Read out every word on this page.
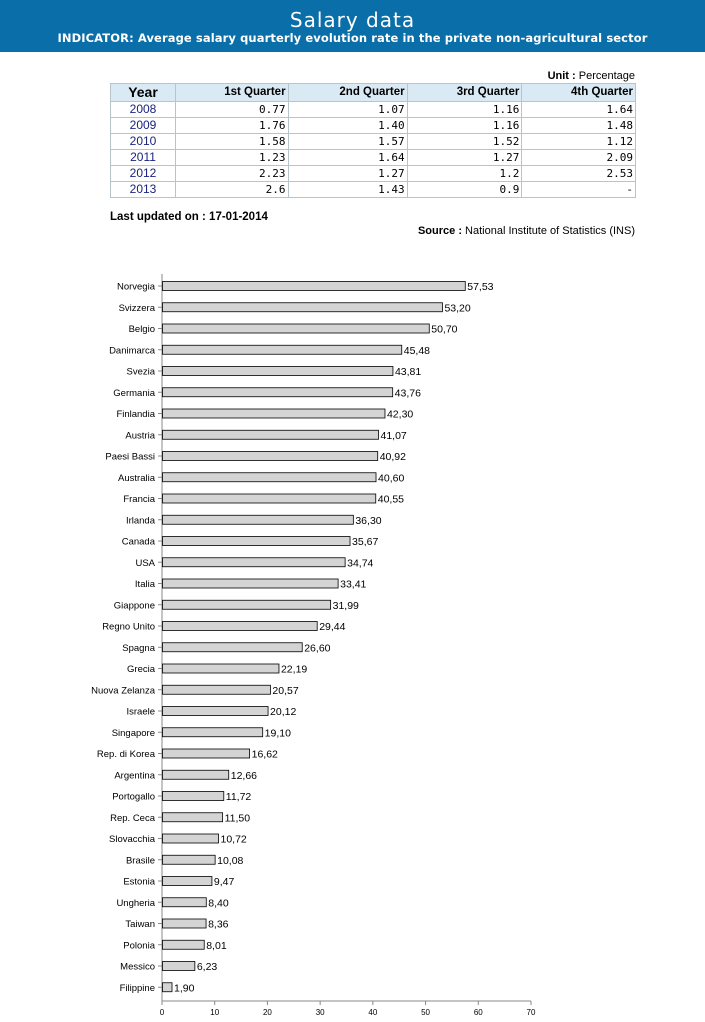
Salary data
INDICATOR: Average salary quarterly evolution rate in the private non-agricultural sector
Unit : Percentage
Year	1st Quarter	2nd Quarter	3rd Quarter	4th Quarter
2008	0.77	1.07	1.16	1.64
2009	1.76	1.40	1.16	1.48
2010	1.58	1.57	1.52	1.12
2011	1.23	1.64	1.27	2.09
2012	2.23	1.27	1.2	2.53
2013	2.6	1.43	0.9	-
Last updated on : 17-01-2014
Source : National Institute of Statistics (INS)
Norvegia	57,53
Svizzera	53,20
Belgio	50,70
Danimarca	45,48
Svezia	43,81
Germania	43,76
Finlandia	42,30
Austria	41,07
Paesi Bassi	40,92
Australia	40,60
Francia	40,55
Irlanda	36,30
Canada	35,67
USA	34,74
Italia	33,41
Giappone	31,99
Regno Unito	29,44
Spagna	26,60
Grecia	22,19
Nuova Zelanza	20,57
Israele	20,12
Singapore	19,10
Rep. di Korea	16,62
Argentina	12,66
Portogallo	11,72
Rep. Ceca	11,50
Slovacchia	10,72
Brasile	10,08
Estonia	9,47
Ungheria	8,40
Taiwan	8,36
Polonia	8,01
Messico	6,23
Filippine 1,90
0	10	20	30	40	50	60	70
